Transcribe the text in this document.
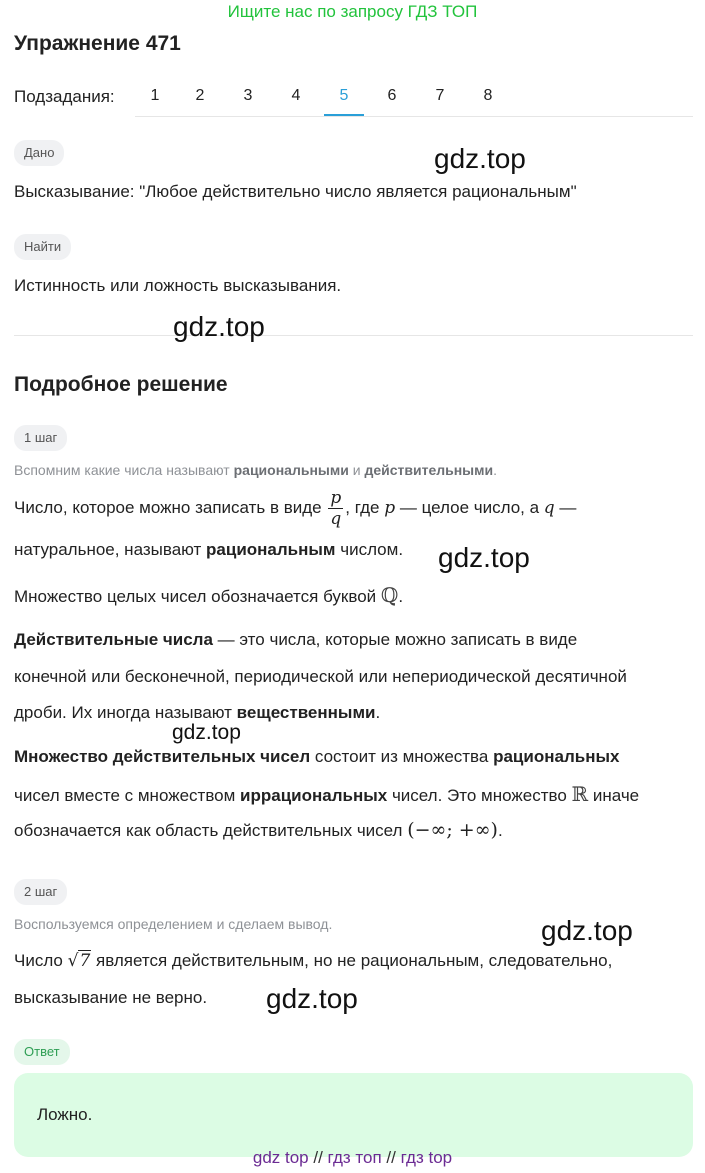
Ищите нас по запросу ГДЗ ТОП
Упражнение 471
Подзадания:	1	2	3	4	5	6	7	8
Дано
Высказывание: "Любое действительно число является рациональным"
Найти
Истинность или ложность высказывания.
Подробное решение
1 шаг
Вспомним какие числа называют рациональными и действительными.
Число, которое можно записать в виде $\frac{p}{q}$ , где p — целое число, а q —
натуральное, называют рациональным числом.
Множество целых чисел обозначается буквой ℚ.
Действительные числа — это числа, которые можно записать в виде
конечной или бесконечной, периодической или непериодической десятичной
дроби. Их иногда называют вещественными.
Множество действительных чисел состоит из множества рациональных
чисел вместе с множеством иррациональных чисел. Это множество ℝ иначе
обозначается как область действительных чисел (−∞; +∞).
2 шаг
Воспользуемся определением и сделаем вывод.
Число √7 является действительным, но не рациональным, следовательно,
высказывание не верно.
Ответ
Ложно.
gdz.top
gdz.top
gdz.top
gdz.top
gdz.top
gdz.top
gdz top // гдз топ // гдз top
